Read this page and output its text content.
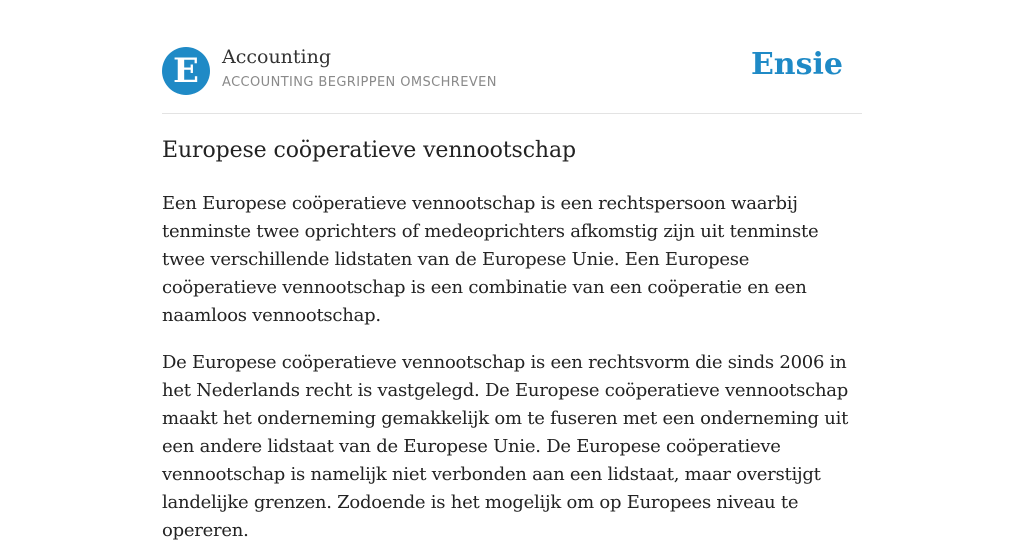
E Accounting
ACCOUNTING BEGRIPPEN OMSCHREVEN
Ensie
Europese coöperatieve vennootschap

Een Europese coöperatieve vennootschap is een rechtspersoon waarbij tenminste twee oprichters of medeoprichters afkomstig zijn uit tenminste twee verschillende lidstaten van de Europese Unie. Een Europese coöperatieve vennootschap is een combinatie van een coöperatie en een naamloos vennootschap.

De Europese coöperatieve vennootschap is een rechtsvorm die sinds 2006 in het Nederlands recht is vastgelegd. De Europese coöperatieve vennootschap maakt het onderneming gemakkelijk om te fuseren met een onderneming uit een andere lidstaat van de Europese Unie. De Europese coöperatieve vennootschap is namelijk niet verbonden aan een lidstaat, maar overstijgt landelijke grenzen. Zodoende is het mogelijk om op Europees niveau te opereren.
